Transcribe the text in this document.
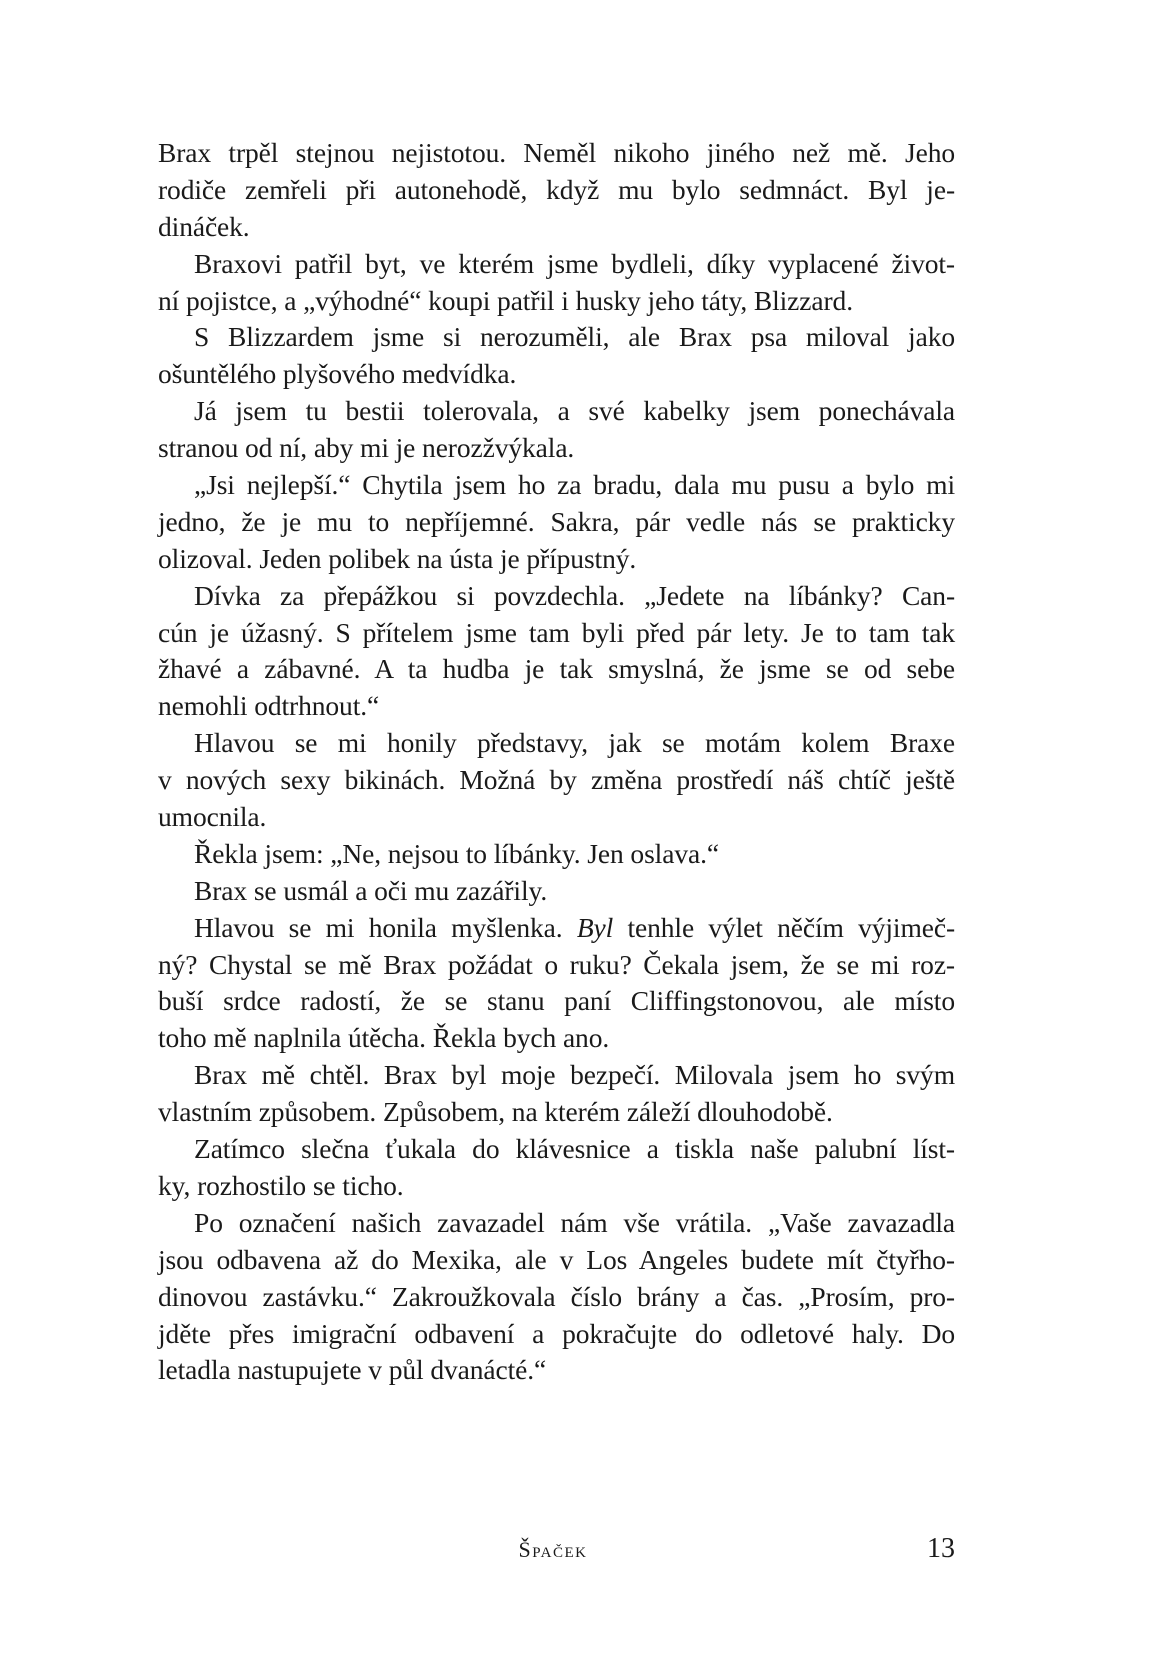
Brax trpěl stejnou nejistotou. Neměl nikoho jiného než mě. Jeho
rodiče zemřeli při autonehodě, když mu bylo sedmnáct. Byl je-
dináček.
Braxovi patřil byt, ve kterém jsme bydleli, díky vyplacené život-
ní pojistce, a „výhodné“ koupi patřil i husky jeho táty, Blizzard.
S Blizzardem jsme si nerozuměli, ale Brax psa miloval jako
ošuntělého plyšového medvídka.
Já jsem tu bestii tolerovala, a své kabelky jsem ponechávala
stranou od ní, aby mi je nerozžvýkala.
„Jsi nejlepší.“ Chytila jsem ho za bradu, dala mu pusu a bylo mi
jedno, že je mu to nepříjemné. Sakra, pár vedle nás se prakticky
olizoval. Jeden polibek na ústa je přípustný.
Dívka za přepážkou si povzdechla. „Jedete na líbánky? Can-
cún je úžasný. S přítelem jsme tam byli před pár lety. Je to tam tak
žhavé a zábavné. A ta hudba je tak smyslná, že jsme se od sebe
nemohli odtrhnout.“
Hlavou se mi honily představy, jak se motám kolem Braxe
v nových sexy bikinách. Možná by změna prostředí náš chtíč ještě
umocnila.
Řekla jsem: „Ne, nejsou to líbánky. Jen oslava.“
Brax se usmál a oči mu zazářily.
Hlavou se mi honila myšlenka. Byl tenhle výlet něčím výjimeč-
ný? Chystal se mě Brax požádat o ruku? Čekala jsem, že se mi roz-
buší srdce radostí, že se stanu paní Cliffingstonovou, ale místo
toho mě naplnila útěcha. Řekla bych ano.
Brax mě chtěl. Brax byl moje bezpečí. Milovala jsem ho svým
vlastním způsobem. Způsobem, na kterém záleží dlouhodobě.
Zatímco slečna ťukala do klávesnice a tiskla naše palubní líst-
ky, rozhostilo se ticho.
Po označení našich zavazadel nám vše vrátila. „Vaše zavazadla
jsou odbavena až do Mexika, ale v Los Angeles budete mít čtyřho-
dinovou zastávku.“ Zakroužkovala číslo brány a čas. „Prosím, pro-
jděte přes imigrační odbavení a pokračujte do odletové haly. Do
letadla nastupujete v půl dvanácté.“
Špaček	13
